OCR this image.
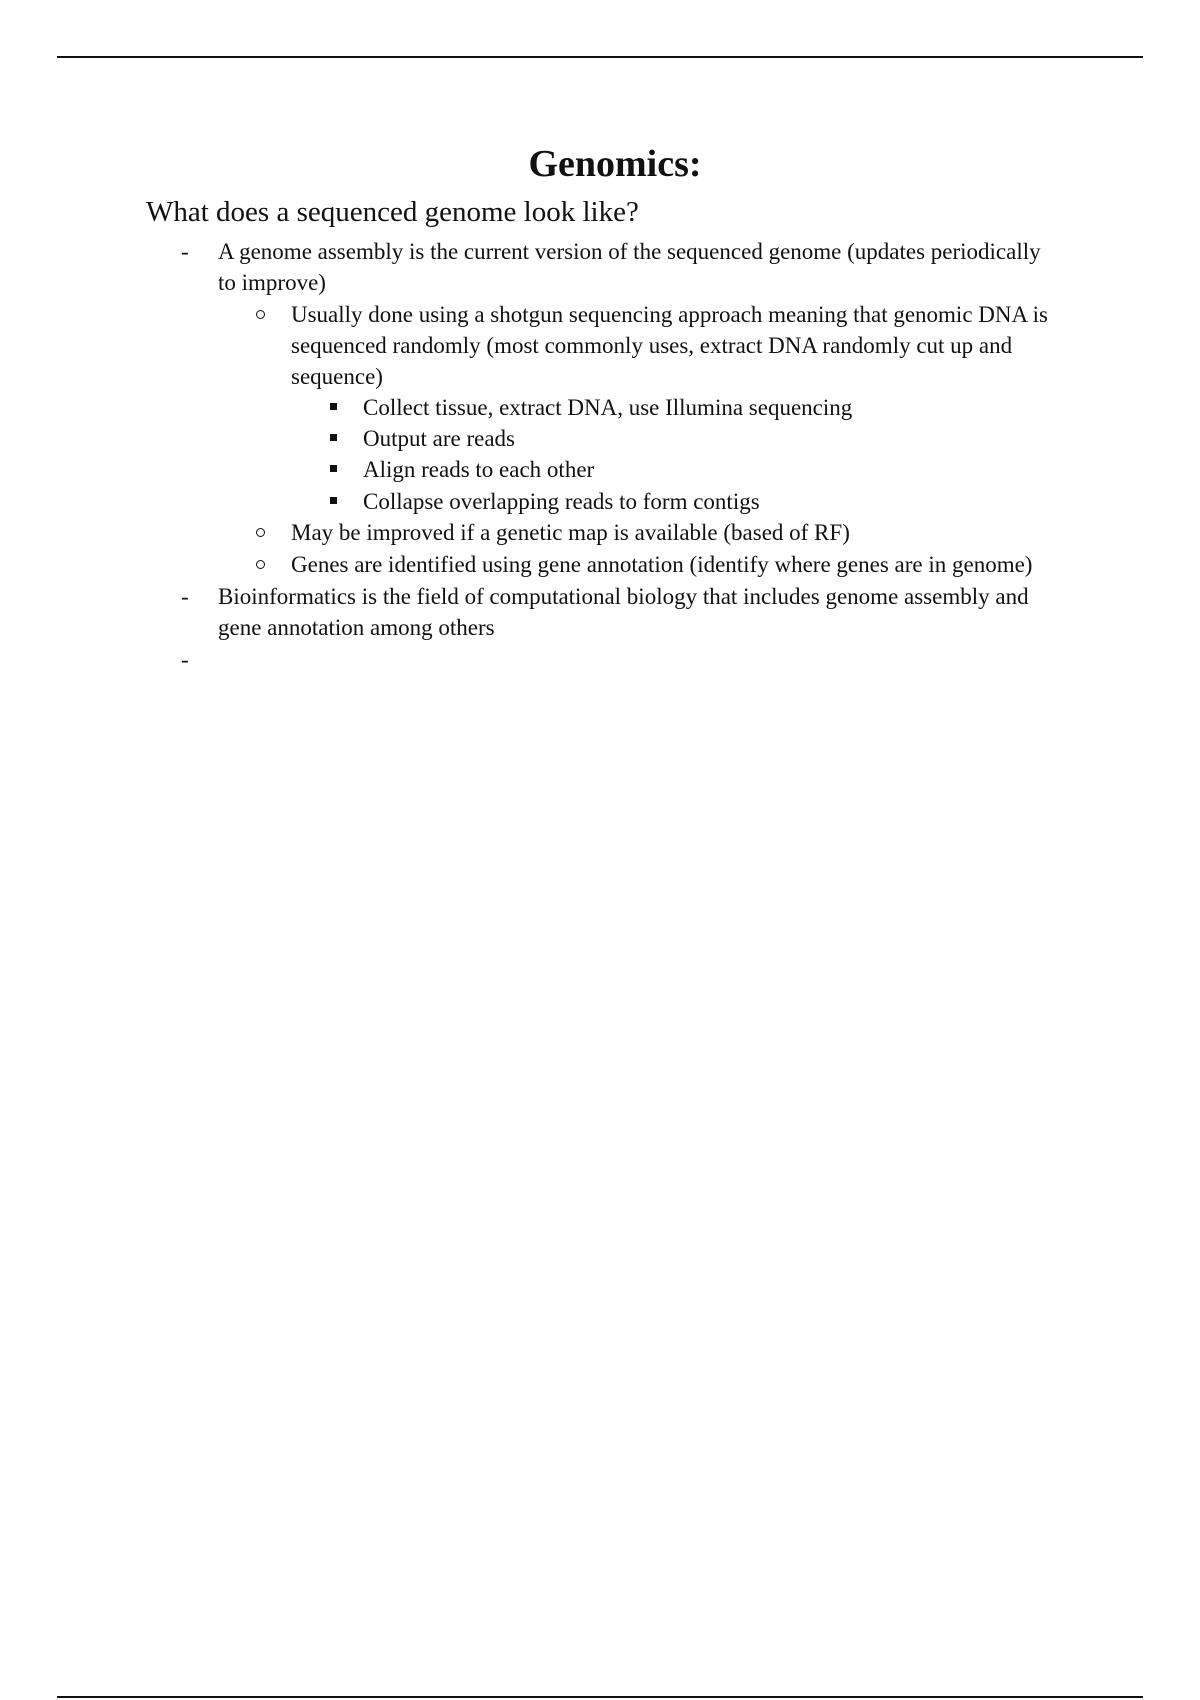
Genomics:
What does a sequenced genome look like?
- A genome assembly is the current version of the sequenced genome (updates periodically

to improve)

Usually done using a shotgun sequencing approach meaning that genomic DNA is

sequenced randomly (most commonly uses, extract DNA randomly cut up and

sequence)

Collect tissue, extract DNA, use Illumina sequencing

Output are reads

Align reads to each other

Collapse overlapping reads to form contigs

May be improved if a genetic map is available (based of RF)

Genes are identified using gene annotation (identify where genes are in genome)

- Bioinformatics is the field of computational biology that includes genome assembly and

gene annotation among others

-
